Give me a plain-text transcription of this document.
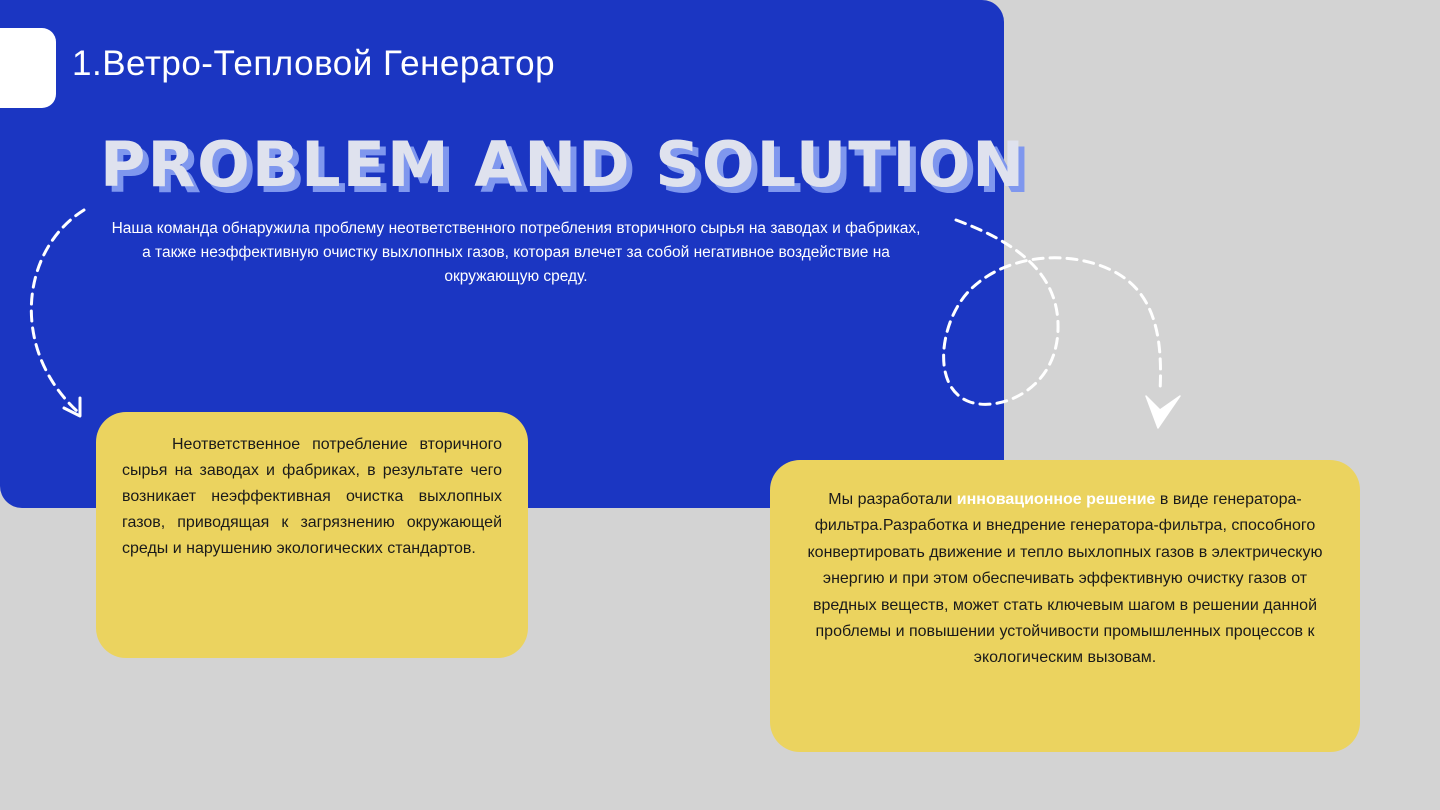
1.Ветро-Тепловой Генератор
PROBLEM AND SOLUTION
Наша команда обнаружила проблему неответственного потребления вторичного сырья на заводах и фабриках, а также неэффективную очистку выхлопных газов, которая влечет за собой негативное воздействие на окружающую среду.
Неответственное потребление вторичного сырья на заводах и фабриках, в результате чего возникает неэффективная очистка выхлопных газов, приводящая к загрязнению окружающей среды и нарушению экологических стандартов.
Мы разработали инновационное решение в виде генератора-фильтра.Разработка и внедрение генератора-фильтра, способного конвертировать движение и тепло выхлопных газов в электрическую энергию и при этом обеспечивать эффективную очистку газов от вредных веществ, может стать ключевым шагом в решении данной проблемы и повышении устойчивости промышленных процессов к экологическим вызовам.
